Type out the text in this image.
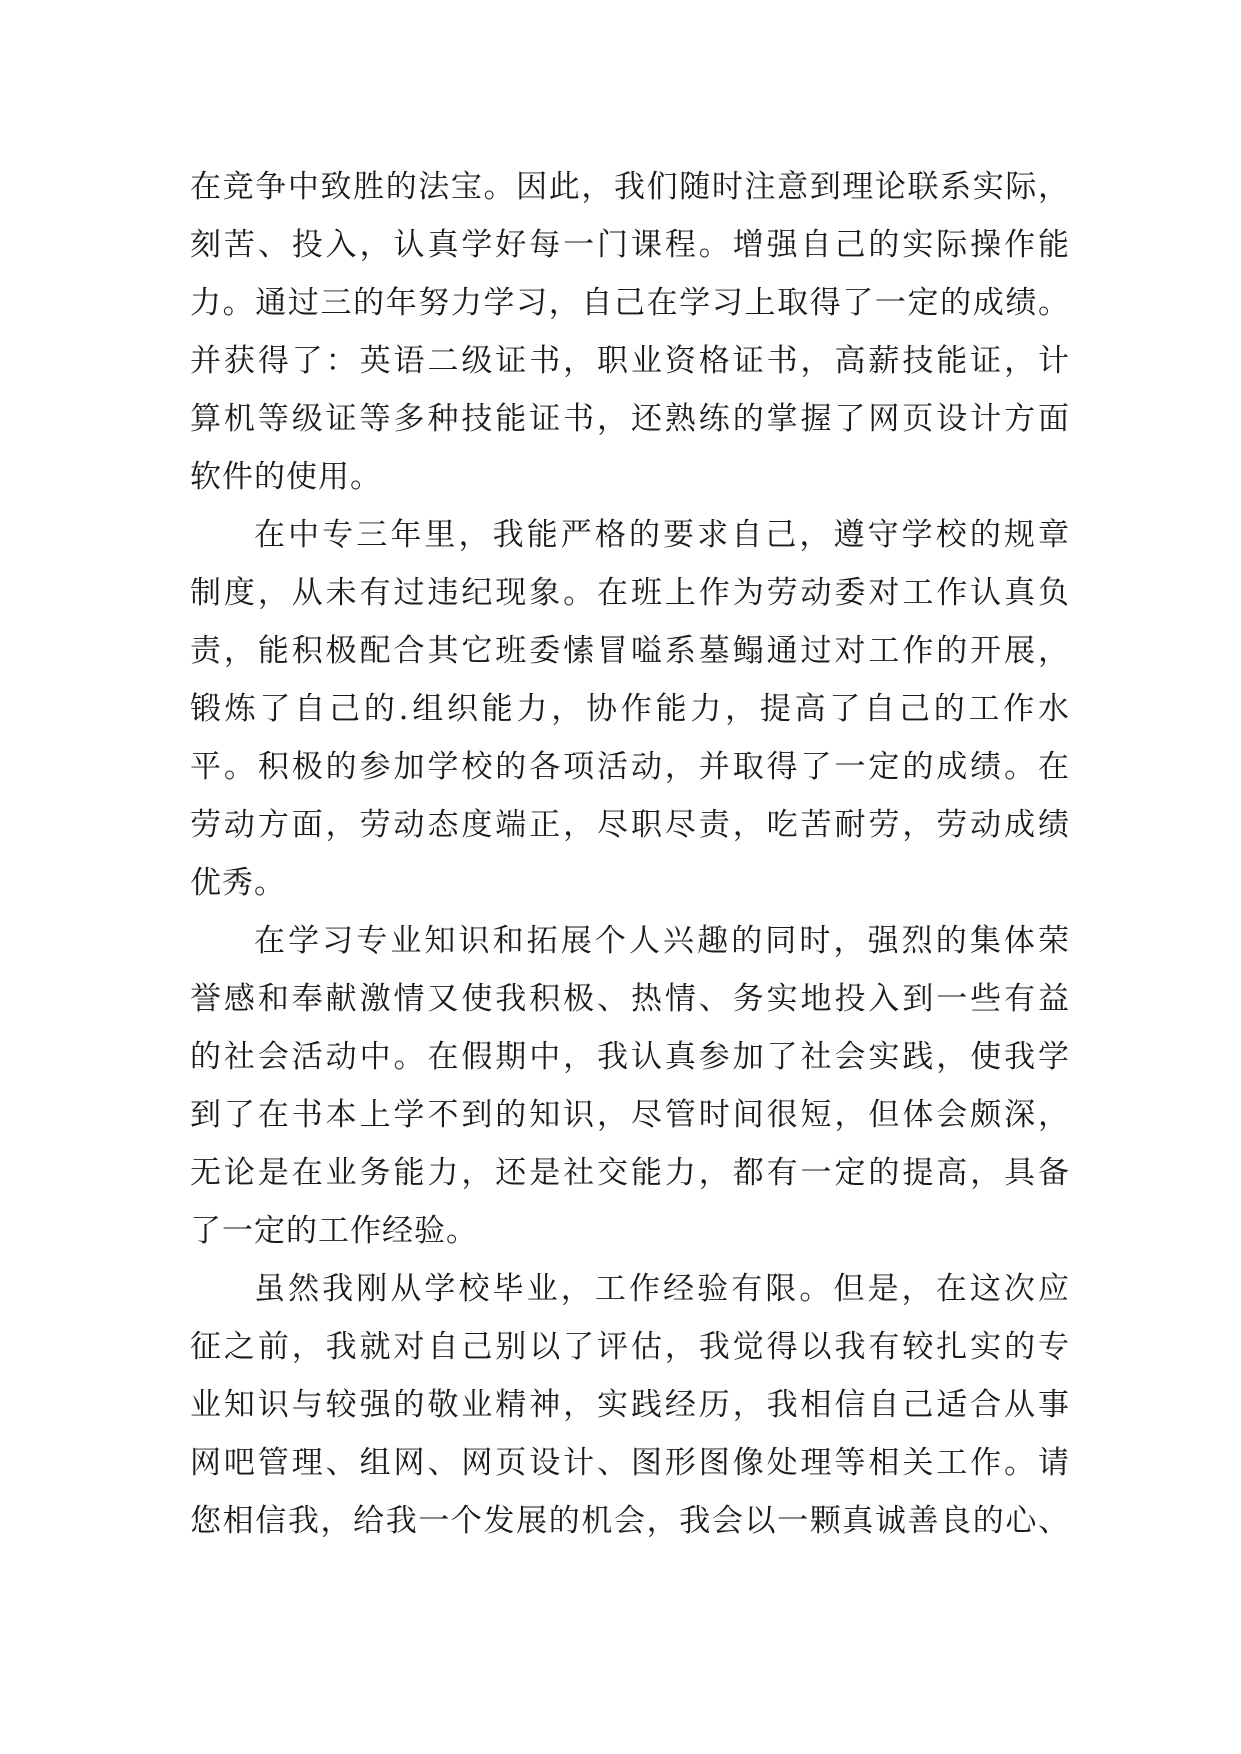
在竞争中致胜的法宝。因此，我们随时注意到理论联系实际，
刻苦、投入，认真学好每一门课程。增强自己的实际操作能
力。通过三的年努力学习，自己在学习上取得了一定的成绩。
并获得了：英语二级证书，职业资格证书，高薪技能证，计
算机等级证等多种技能证书，还熟练的掌握了网页设计方面
软件的使用。
在中专三年里，我能严格的要求自己，遵守学校的规章
制度，从未有过违纪现象。在班上作为劳动委对工作认真负
责，能积极配合其它班委愫冒嗌系墓鳎通过对工作的开展，
锻炼了自己的.组织能力，协作能力，提高了自己的工作水
平。积极的参加学校的各项活动，并取得了一定的成绩。在
劳动方面，劳动态度端正，尽职尽责，吃苦耐劳，劳动成绩
优秀。
在学习专业知识和拓展个人兴趣的同时，强烈的集体荣
誉感和奉献激情又使我积极、热情、务实地投入到一些有益
的社会活动中。在假期中，我认真参加了社会实践，使我学
到了在书本上学不到的知识，尽管时间很短，但体会颇深，
无论是在业务能力，还是社交能力，都有一定的提高，具备
了一定的工作经验。
虽然我刚从学校毕业，工作经验有限。但是，在这次应
征之前，我就对自己别以了评估，我觉得以我有较扎实的专
业知识与较强的敬业精神，实践经历，我相信自己适合从事
网吧管理、组网、网页设计、图形图像处理等相关工作。请
您相信我，给我一个发展的机会，我会以一颗真诚善良的心、
